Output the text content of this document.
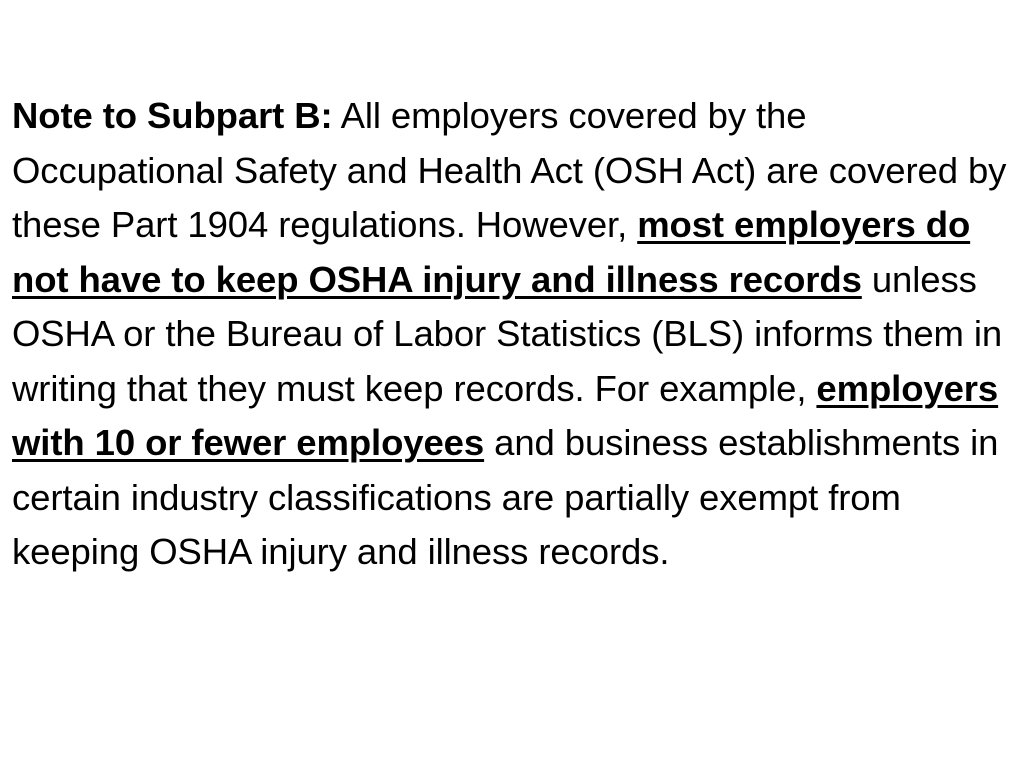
Note to Subpart B: All employers covered by the Occupational Safety and Health Act (OSH Act) are covered by these Part 1904 regulations. However, most employers do not have to keep OSHA injury and illness records unless OSHA or the Bureau of Labor Statistics (BLS) informs them in writing that they must keep records. For example, employers with 10 or fewer employees and business establishments in certain industry classifications are partially exempt from keeping OSHA injury and illness records.
